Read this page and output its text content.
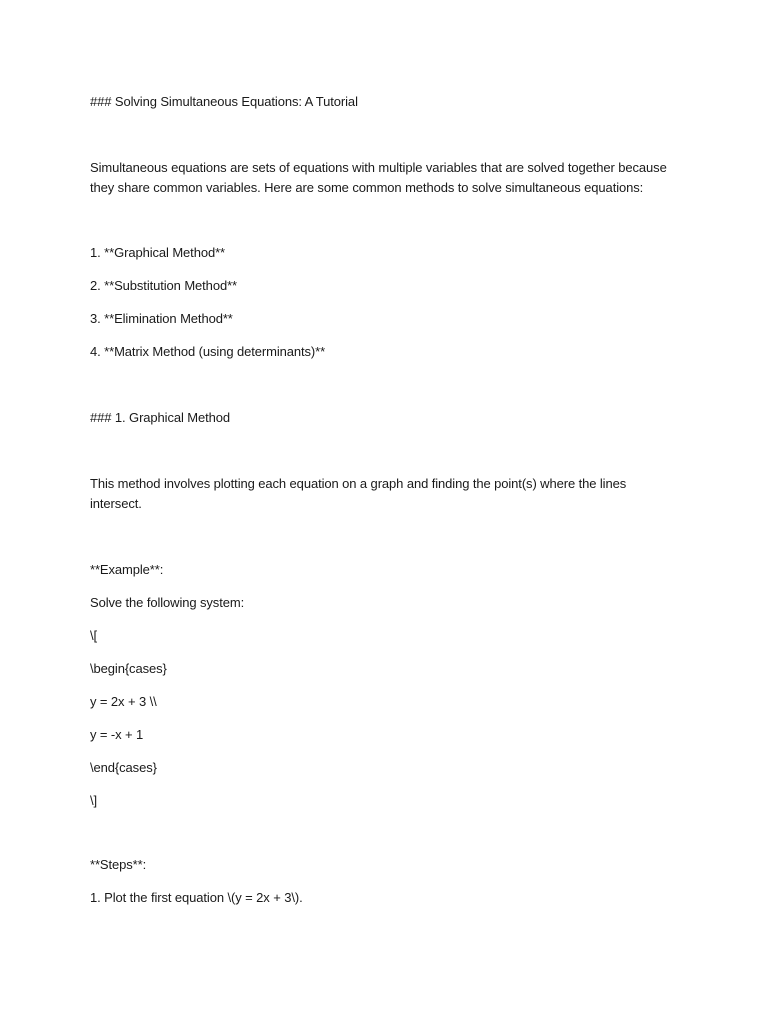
### Solving Simultaneous Equations: A Tutorial
Simultaneous equations are sets of equations with multiple variables that are solved together because
they share common variables. Here are some common methods to solve simultaneous equations:
1. **Graphical Method**
2. **Substitution Method**
3. **Elimination Method**
4. **Matrix Method (using determinants)**
### 1. Graphical Method
This method involves plotting each equation on a graph and finding the point(s) where the lines
intersect.
**Example**:
Solve the following system:
\[
\begin{cases}
y = 2x + 3 \\
y = -x + 1
\end{cases}
\]
**Steps**:
1. Plot the first equation \(y = 2x + 3\).
